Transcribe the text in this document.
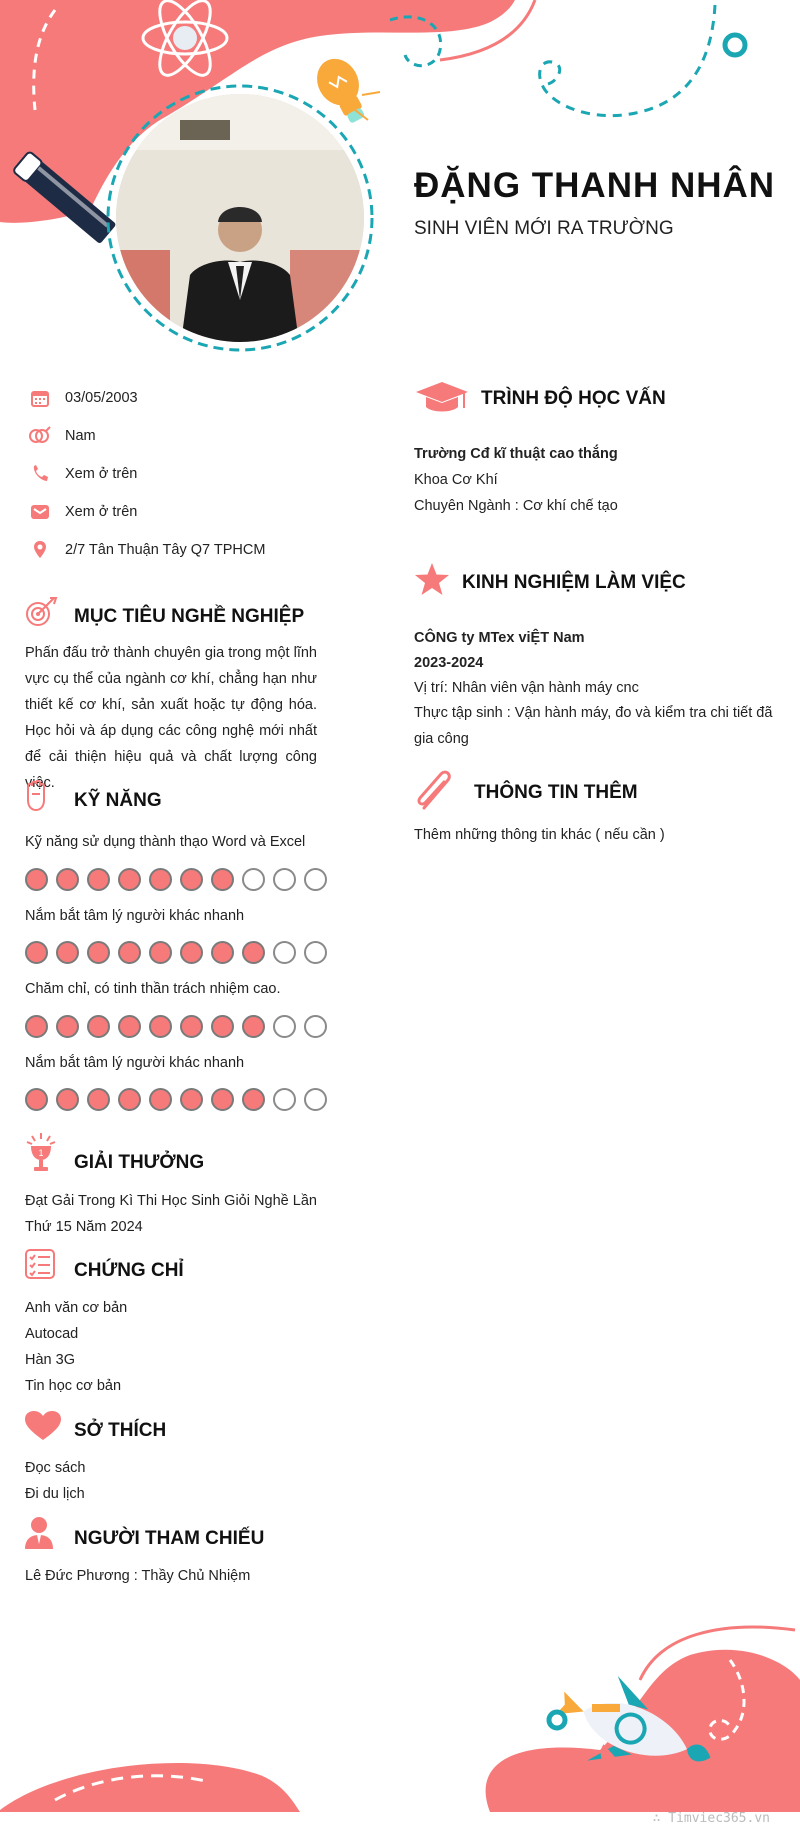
ĐẶNG THANH NHÂN
SINH VIÊN MỚI RA TRƯỜNG
03/05/2003
Nam
Xem ở trên
Xem ở trên
2/7 Tân Thuận Tây Q7 TPHCM
MỤC TIÊU NGHỀ NGHIỆP
Phấn đấu trở thành chuyên gia trong một lĩnh vực cụ thể của ngành cơ khí, chẳng hạn như thiết kế cơ khí, sản xuất hoặc tự động hóa. Học hỏi và áp dụng các công nghệ mới nhất để cải thiện hiệu quả và chất lượng công việc.
KỸ NĂNG
Kỹ năng sử dụng thành thạo Word và Excel
Nắm bắt tâm lý người khác nhanh
Chăm chỉ, có tinh thần trách nhiệm cao.
Nắm bắt tâm lý người khác nhanh
1 GIẢI THƯỞNG
Đạt Gải Trong Kì Thi Học Sinh Giỏi Nghề Lần Thứ 15 Năm 2024
CHỨNG CHỈ
Anh văn cơ bản
Autocad
Hàn 3G
Tin học cơ bản
SỞ THÍCH
Đọc sách
Đi du lịch
NGƯỜI THAM CHIẾU
Lê Đức Phương : Thầy Chủ Nhiệm
TRÌNH ĐỘ HỌC VẤN
Trường Cđ kĩ thuật cao thắng
Khoa Cơ Khí
Chuyên Ngành : Cơ khí chế tạo
KINH NGHIỆM LÀM VIỆC
CÔNG ty MTex viỆT Nam
2023-2024
Vị trí: Nhân viên vận hành máy cnc
Thực tập sinh : Vận hành máy, đo và kiểm tra chi tiết đã gia công
THÔNG TIN THÊM
Thêm những thông tin khác ( nếu cần )
∴ Timviec365.vn
